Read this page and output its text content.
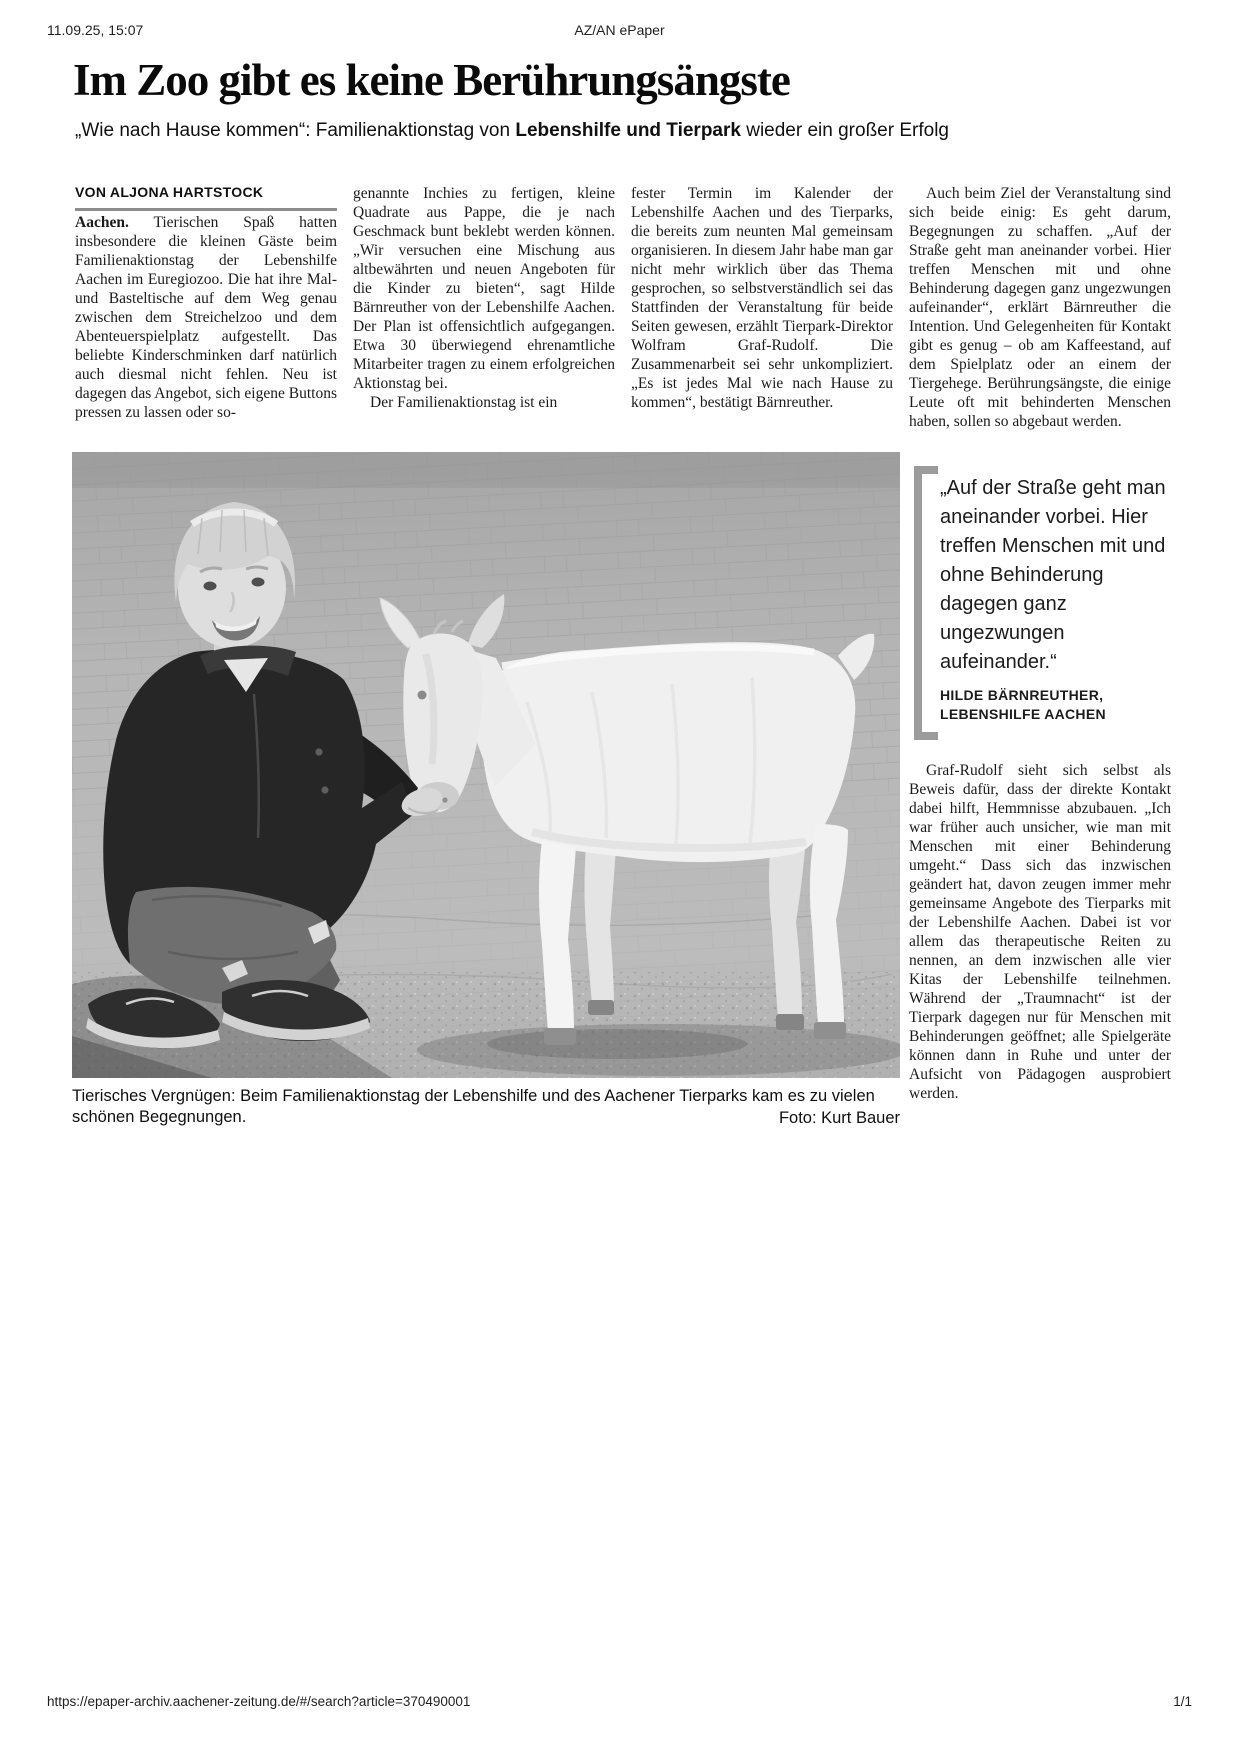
11.09.25, 15:07	AZ/AN ePaper
Im Zoo gibt es keine Berührungsängste
„Wie nach Hause kommen“: Familienaktionstag von Lebenshilfe und Tierpark wieder ein großer Erfolg
VON ALJONA HARTSTOCK

Aachen. Tierischen Spaß hatten insbesondere die kleinen Gäste beim Familienaktionstag der Lebenshilfe Aachen im Euregiozoo. Die hat ihre Mal- und Basteltische auf dem Weg genau zwischen dem Streichelzoo und dem Abenteuerspielplatz aufgestellt. Das beliebte Kinderschminken darf natürlich auch diesmal nicht fehlen. Neu ist dagegen das Angebot, sich eigene Buttons pressen zu lassen oder so-

genannte Inchies zu fertigen, kleine Quadrate aus Pappe, die je nach Geschmack bunt beklebt werden können. „Wir versuchen eine Mischung aus altbewährten und neuen Angeboten für die Kinder zu bieten“, sagt Hilde Bärnreuther von der Lebenshilfe Aachen. Der Plan ist offensichtlich aufgegangen. Etwa 30 überwiegend ehrenamtliche Mitarbeiter tragen zu einem erfolgreichen Aktionstag bei.

Der Familienaktionstag ist ein

fester Termin im Kalender der Lebenshilfe Aachen und des Tierparks, die bereits zum neunten Mal gemeinsam organisieren. In diesem Jahr habe man gar nicht mehr wirklich über das Thema gesprochen, so selbstverständlich sei das Stattfinden der Veranstaltung für beide Seiten gewesen, erzählt Tierpark-Direktor Wolfram Graf-Rudolf. Die Zusammenarbeit sei sehr unkompliziert. „Es ist jedes Mal wie nach Hause zu kommen“, bestätigt Bärnreuther.

Auch beim Ziel der Veranstaltung sind sich beide einig: Es geht darum, Begegnungen zu schaffen. „Auf der Straße geht man aneinander vorbei. Hier treffen Menschen mit und ohne Behinderung dagegen ganz ungezwungen aufeinander“, erklärt Bärnreuther die Intention. Und Gelegenheiten für Kontakt gibt es genug – ob am Kaffeestand, auf dem Spielplatz oder an einem der Tiergehege. Berührungsängste, die einige Leute oft mit behinderten Menschen haben, sollen so abgebaut werden.

„Auf der Straße geht man aneinander vorbei. Hier treffen Menschen mit und ohne Behinderung dagegen ganz ungezwungen aufeinander.“
HILDE BÄRNREUTHER,
LEBENSHILFE AACHEN

Graf-Rudolf sieht sich selbst als Beweis dafür, dass der direkte Kontakt dabei hilft, Hemmnisse abzubauen. „Ich war früher auch unsicher, wie man mit Menschen mit einer Behinderung umgeht.“ Dass sich das inzwischen geändert hat, davon zeugen immer mehr gemeinsame Angebote des Tierparks mit der Lebenshilfe Aachen. Dabei ist vor allem das therapeutische Reiten zu nennen, an dem inzwischen alle vier Kitas der Lebenshilfe teilnehmen. Während der „Traumnacht“ ist der Tierpark dagegen nur für Menschen mit Behinderungen geöffnet; alle Spielgeräte können dann in Ruhe und unter der Aufsicht von Pädagogen ausprobiert werden.

Tierisches Vergnügen: Beim Familienaktionstag der Lebenshilfe und des Aachener Tierparks kam es zu vielen schönen Begegnungen.	Foto: Kurt Bauer
https://epaper-archiv.aachener-zeitung.de/#/search?article=370490001	1/1
